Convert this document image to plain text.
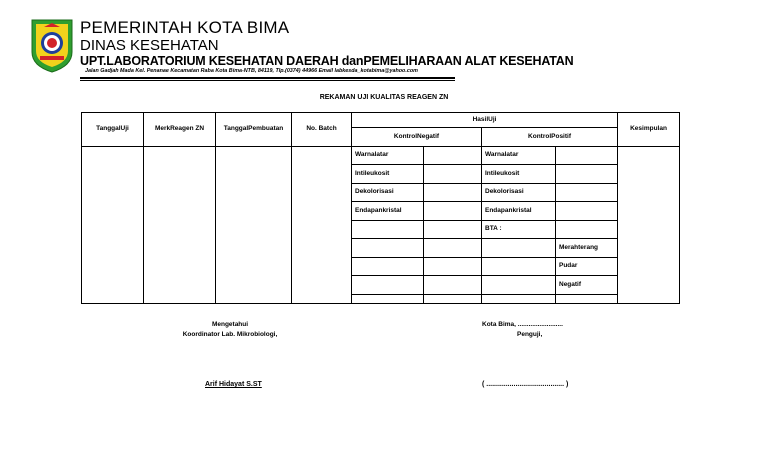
PEMERINTAH KOTA BIMA
DINAS KESEHATAN
UPT.LABORATORIUM KESEHATAN DAERAH danPEMELIHARAAN ALAT KESEHATAN
Jalan Gadjah Mada Kel. Penanae Kecamatan Raba Kota Bima-NTB, 84119, Tlp.(0374) 44966 Email labkesda_kotabima@yahoo.com
REKAMAN UJI KUALITAS REAGEN ZN
TanggalUji	MerkReagen ZN	TanggalPembuatan	No. Batch	HasilUji				Kesimpulan
				KontrolNegatif		KontrolPositif		
				Warnalatar		Warnalatar		
				Intileukosit		Intileukosit		
				Dekolorisasi		Dekolorisasi		
				Endapankristal		Endapankristal		
						BTA :		
							Merahterang	
							Pudar	
							Negatif	

Mengetahui
Koordinator Lab. Mikrobiologi,
Kota Bima, .........................
Penguji,
Arif Hidayat S.ST	( ........................................ )
